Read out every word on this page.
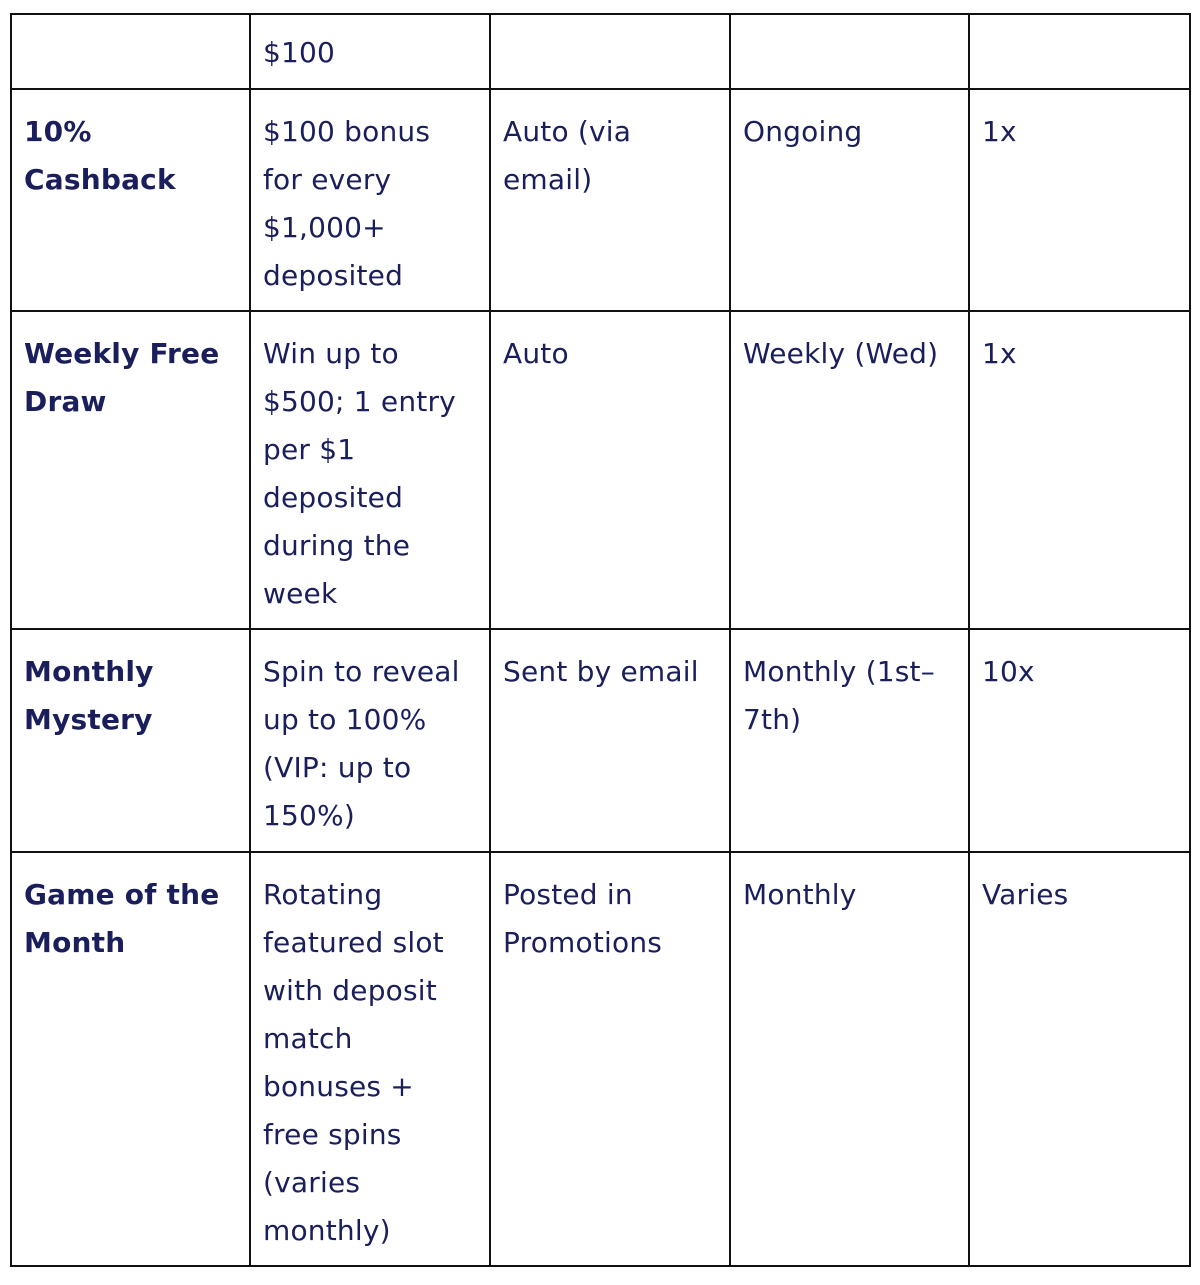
	$100			
10% Cashback	$100 bonus for every $1,000+ deposited	Auto (via email)	Ongoing	1x
Weekly Free Draw	Win up to $500; 1 entry per $1 deposited during the week	Auto	Weekly (Wed)	1x
Monthly Mystery	Spin to reveal up to 100% (VIP: up to 150%)	Sent by email	Monthly (1st–7th)	10x
Game of the Month	Rotating featured slot with deposit match bonuses + free spins (varies monthly)	Posted in Promotions	Monthly	Varies
